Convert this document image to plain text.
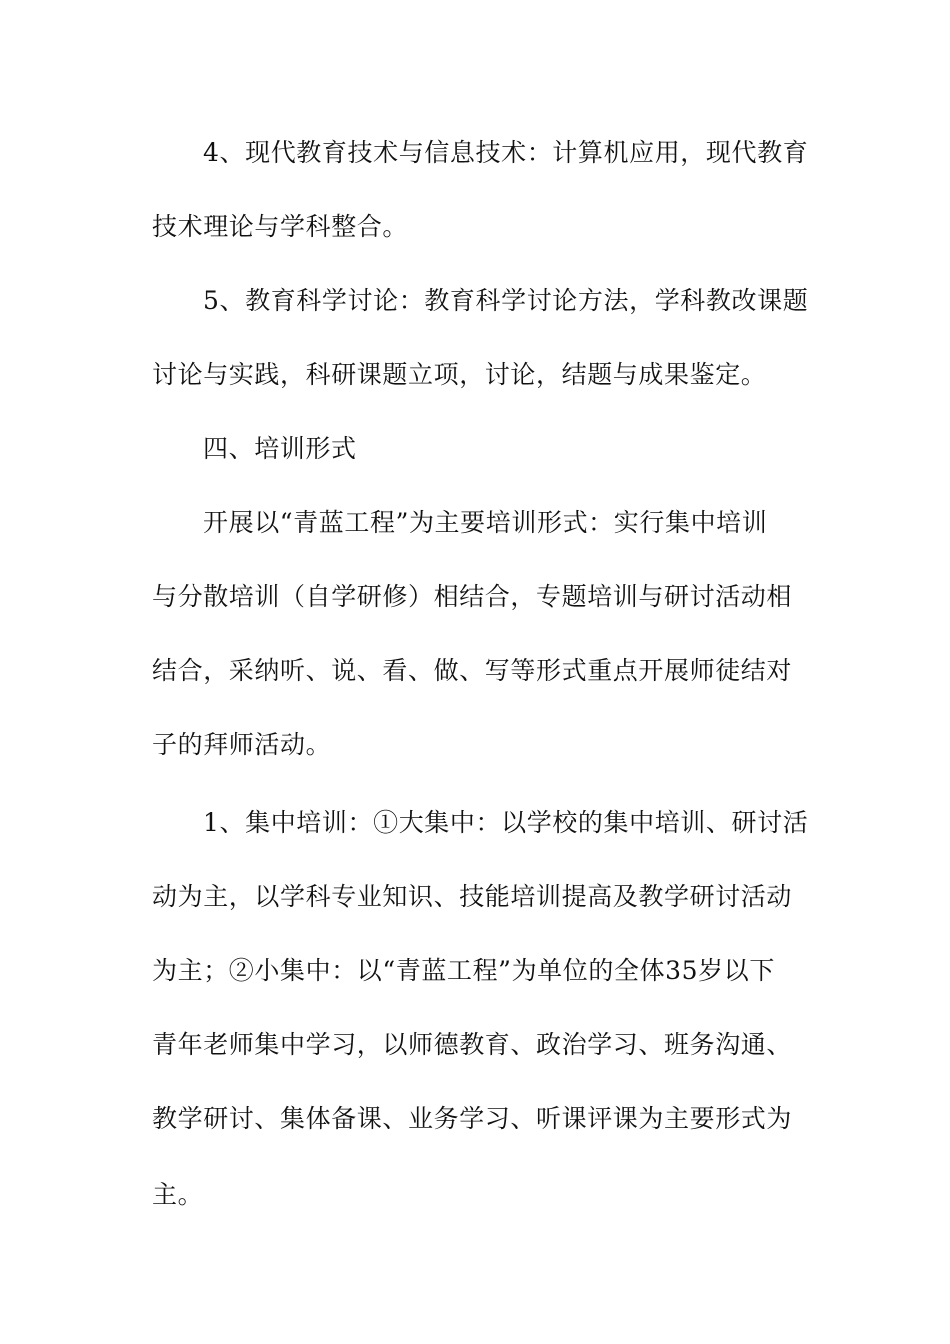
4、现代教育技术与信息技术：计算机应用，现代教育
技术理论与学科整合。
5、教育科学讨论：教育科学讨论方法，学科教改课题
讨论与实践，科研课题立项，讨论，结题与成果鉴定。
四、培训形式
开展以“青蓝工程”为主要培训形式：实行集中培训
与分散培训（自学研修）相结合，专题培训与研讨活动相
结合，采纳听、说、看、做、写等形式重点开展师徒结对
子的拜师活动。
1、集中培训：①大集中：以学校的集中培训、研讨活
动为主，以学科专业知识、技能培训提高及教学研讨活动
为主；②小集中：以“青蓝工程”为单位的全体35岁以下
青年老师集中学习，以师德教育、政治学习、班务沟通、
教学研讨、集体备课、业务学习、听课评课为主要形式为
主。
